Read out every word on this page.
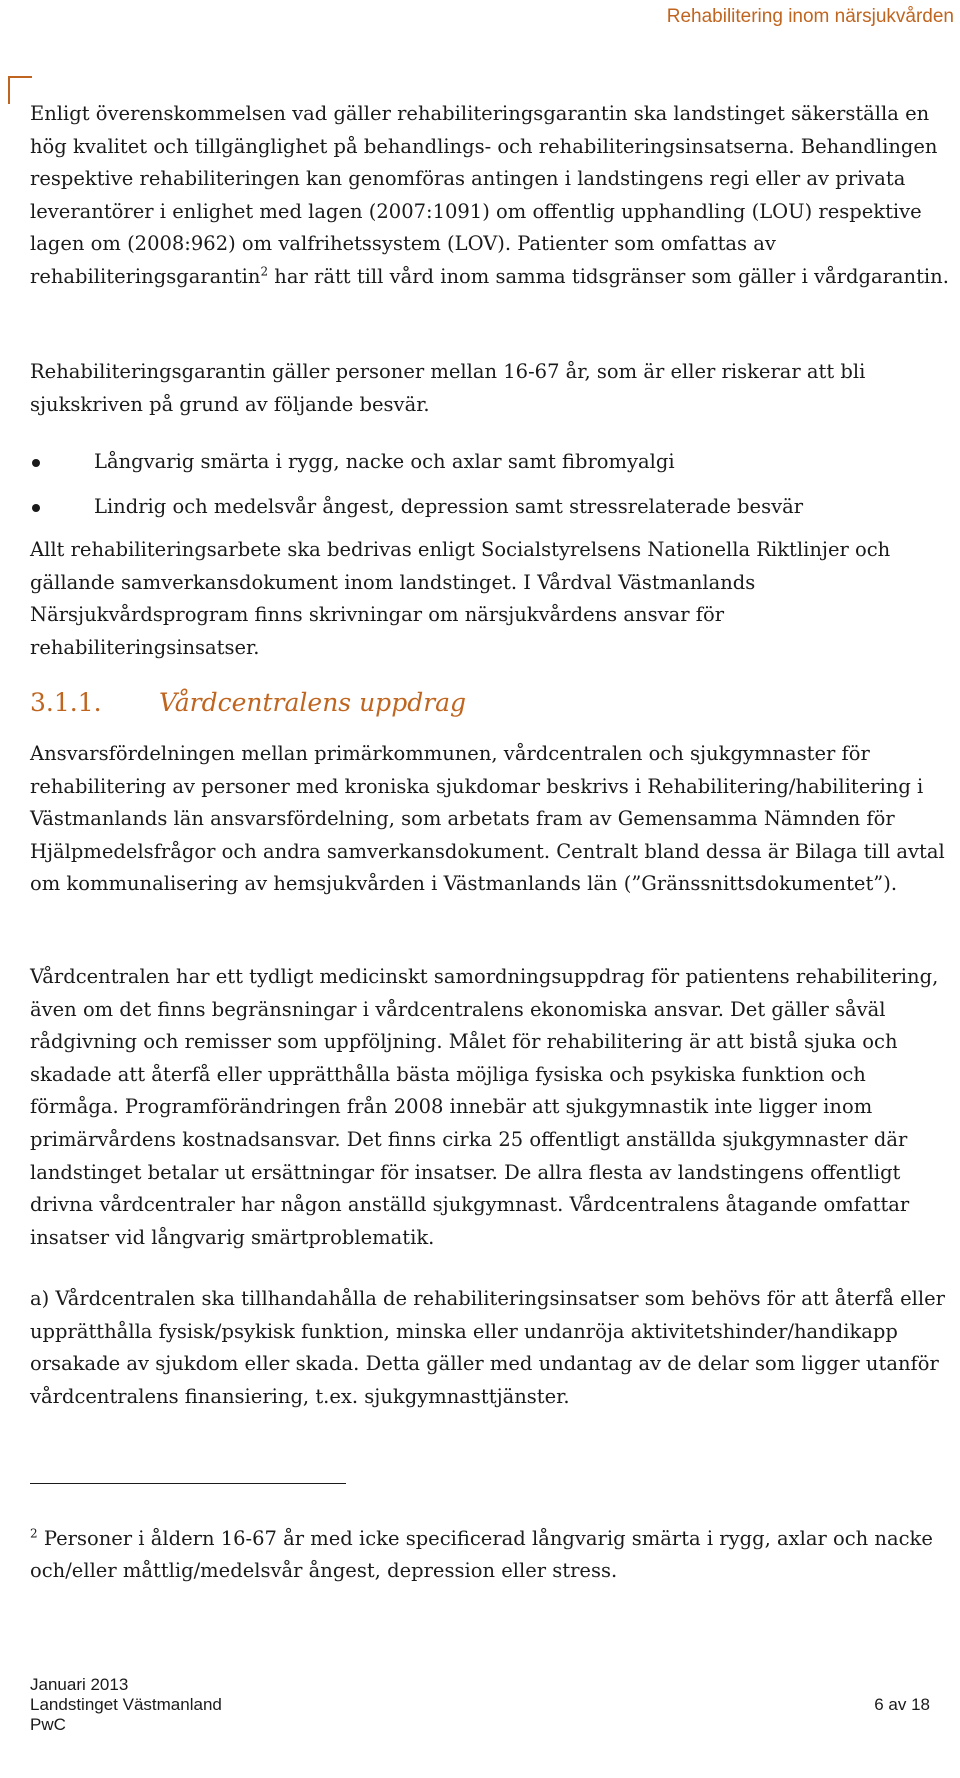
Rehabilitering inom närsjukvården

Enligt överenskommelsen vad gäller rehabiliteringsgarantin ska landstinget säkerställa en hög kvalitet och tillgänglighet på behandlings- och rehabiliteringsinsatserna. Behandlingen respektive rehabiliteringen kan genomföras antingen i landstingens regi eller av privata leverantörer i enlighet med lagen (2007:1091) om offentlig upphandling (LOU) respektive lagen om (2008:962) om valfrihetssystem (LOV). Patienter som omfattas av rehabiliteringsgarantin$^2$ har rätt till vård inom samma tidsgränser som gäller i vårdgarantin.

Rehabiliteringsgarantin gäller personer mellan 16-67 år, som är eller riskerar att bli sjukskriven på grund av följande besvär.

Långvarig smärta i rygg, nacke och axlar samt fibromyalgi
Lindrig och medelsvår ångest, depression samt stressrelaterade besvär

Allt rehabiliteringsarbete ska bedrivas enligt Socialstyrelsens Nationella Riktlinjer och gällande samverkansdokument inom landstinget. I Vårdval Västmanlands Närsjukvårdsprogram finns skrivningar om närsjukvårdens ansvar för rehabiliteringsinsatser.

3.1.1. Vårdcentralens uppdrag

Ansvarsfördelningen mellan primärkommunen, vårdcentralen och sjukgymnaster för rehabilitering av personer med kroniska sjukdomar beskrivs i Rehabilitering/habilitering i Västmanlands län ansvarsfördelning, som arbetats fram av Gemensamma Nämnden för Hjälpmedelsfrågor och andra samverkansdokument. Centralt bland dessa är Bilaga till avtal om kommunalisering av hemsjukvården i Västmanlands län (”Gränssnittsdokumentet”).

Vårdcentralen har ett tydligt medicinskt samordningsuppdrag för patientens rehabilitering, även om det finns begränsningar i vårdcentralens ekonomiska ansvar. Det gäller såväl rådgivning och remisser som uppföljning. Målet för rehabilitering är att bistå sjuka och skadade att återfå eller upprätthålla bästa möjliga fysiska och psykiska funktion och förmåga. Programförändringen från 2008 innebär att sjukgymnastik inte ligger inom primärvårdens kostnadsansvar. Det finns cirka 25 offentligt anställda sjukgymnaster där landstinget betalar ut ersättningar för insatser. De allra flesta av landstingens offentligt drivna vårdcentraler har någon anställd sjukgymnast. Vårdcentralens åtagande omfattar insatser vid långvarig smärtproblematik.

a) Vårdcentralen ska tillhandahålla de rehabiliteringsinsatser som behövs för att återfå eller upprätthålla fysisk/psykisk funktion, minska eller undanröja aktivitetshinder/handikapp orsakade av sjukdom eller skada. Detta gäller med undantag av de delar som ligger utanför vårdcentralens finansiering, t.ex. sjukgymnasttjänster.

$^2$ Personer i åldern 16-67 år med icke specificerad långvarig smärta i rygg, axlar och nacke och/eller måttlig/medelsvår ångest, depression eller stress.

Januari 2013
Landstinget Västmanland
PwC
6 av 18
